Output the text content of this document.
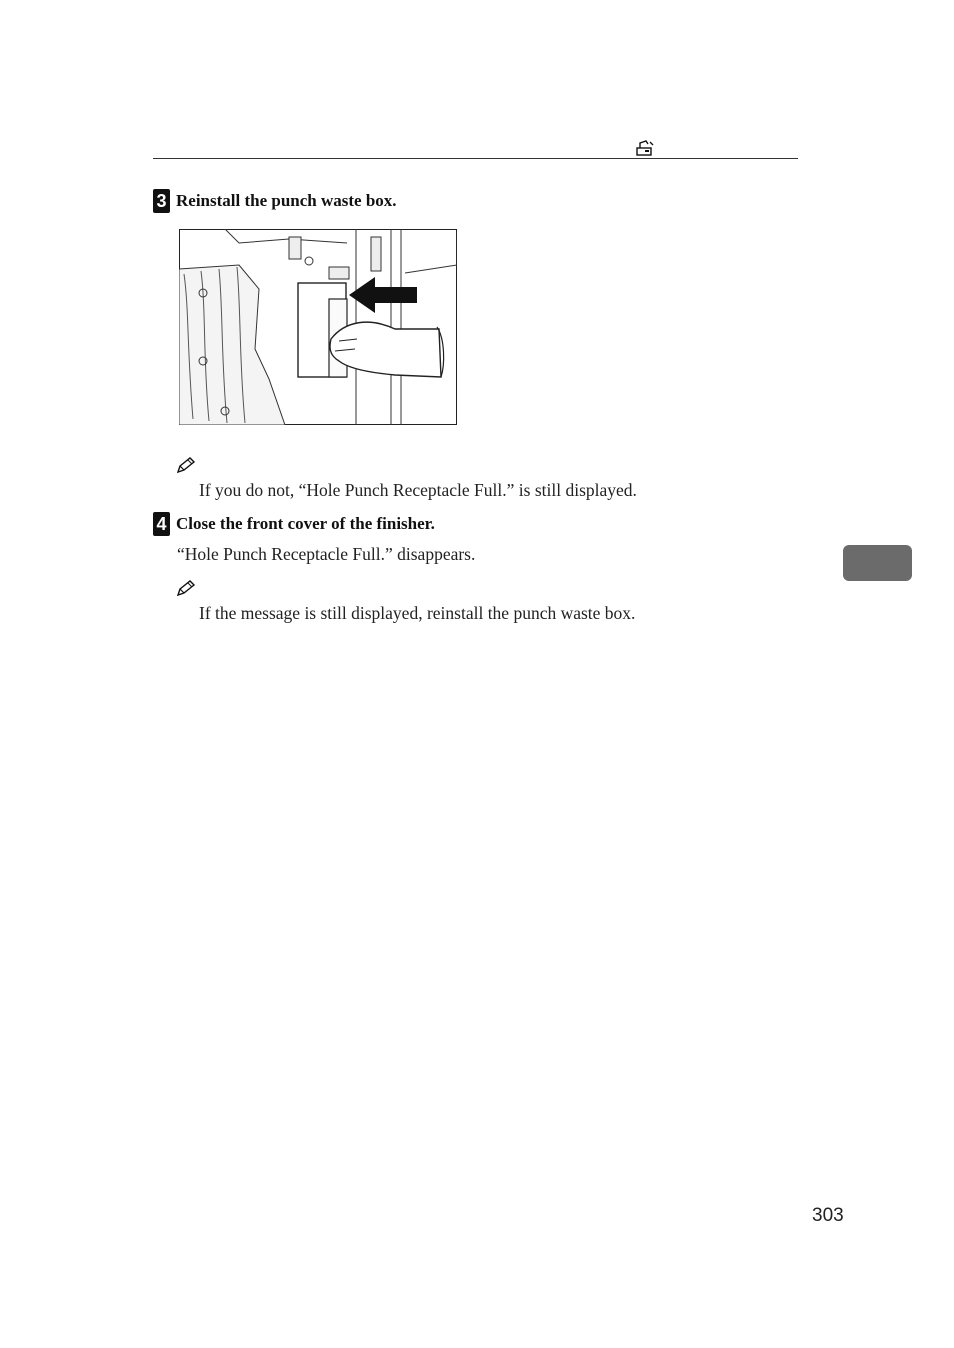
3 Reinstall the punch waste box.
If you do not, “Hole Punch Receptacle Full.” is still displayed.
4 Close the front cover of the finisher.
“Hole Punch Receptacle Full.” disappears.
If the message is still displayed, reinstall the punch waste box.
303
